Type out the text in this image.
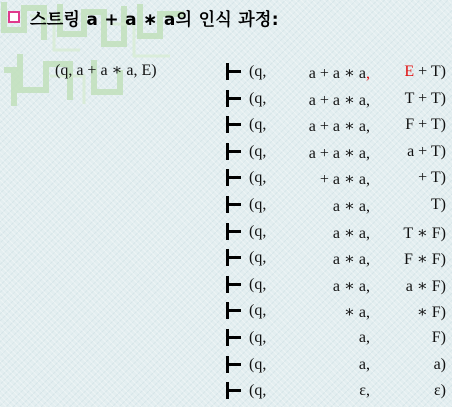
스트링 a + a ∗ a의 인식 과정:
(q, a + a ∗ a, E)	(q,	a + a ∗ a, E + T)
(q,	a + a ∗ a, T + T)
(q,	a + a ∗ a, F + T)
(q,	a + a ∗ a, a + T)
(q,	+ a ∗ a,	+ T)
(q,	a ∗ a,	T)
(q,	a ∗ a, T ∗ F)
(q,	a ∗ a, F ∗ F)
(q,	a ∗ a, a ∗ F)
(q,	∗ a,	∗ F)
(q,	a,	F)
(q,	a,	a)
(q,	ε,	ε)
